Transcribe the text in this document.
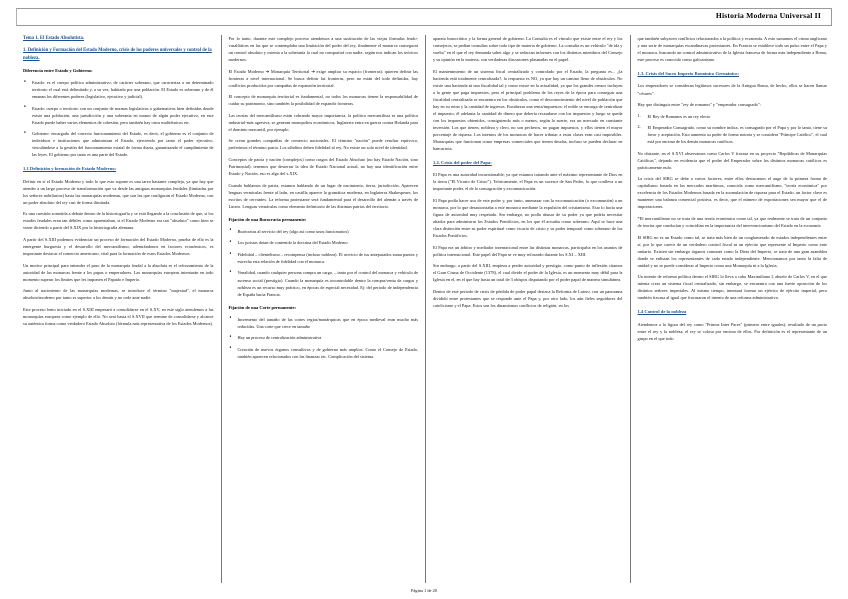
Historia Moderna Universal II
Tema 1. El Estado Absolutista.
1. Definición y Formación del Estado Moderno, crisis de los poderes universales y control de la nobleza.
Diferencia entre Estado y Gobierno:
● Estado: es el cuerpo político administrativo, de carácter soberano, que caracteriza a un determinado territorio el cual está delimitado y, a su vez, habitado por una población. El Estado es soberano y de él emanan los diferentes poderes (legislativo, ejecutivo y judicial).
● Estado: cuerpo o territorio con un conjunto de normas legislativas o gubernativas bien definidas donde existe una población, una jurisdicción y una soberanía en manos de algún poder ejecutivo, en este Estado puede haber varios elementos de cohesión, pero también hay otros multiétnicos etc.
● Gobierno: encargado del correcto funcionamiento del Estado, es decir, el gobierno es el conjunto de individuos e instituciones que administran el Estado, ejerciendo por tanto el poder ejecutivo, vinculándose a la gestión del funcionamiento estatal de forma diaria, garantizando el cumplimiento de las leyes. El gobierno por tanto es una parte del Estado.
1.1 Definición y formación de Estado Moderno:

Definir en sí el Estado Moderno y todo lo que esto supone es una tarea bastante compleja, ya que hay que atender a un largo proceso de transformación que va desde las antiguas monarquías feudales (limitadas por los señores nobiliarios) hasta las monarquías modernas, que son las que configuran el Estado Moderno, con un poder absoluto del rey casi de forma ilimitada.

Es una cuestión sometida a debate dentro de la historiografía y se está llegando a la conclusión de que, si los estados feudales eran tan débiles como aparentaban, si el Estado Moderno era tan "absoluto" como bien se viene diciendo a partir del S.XIX por la historiografía alemana.

A partir del S.XIII podemos evidenciar un proceso de formación del Estado Moderno, prueba de ello es la emergente burguesía y el desarrollo del mercantilismo, adentrándonos en factores económicos, es importante destacar el comercio americano, vital para la formación de estos Estados Modernos.

Un motivo principal para entender el paso de la monarquía feudal a la absoluta es el reforzamiento de la autoridad de las monarcas frente a los papas o emperadores. Las monarquías europeas intentarán en todo momento superar los límites que les imponen el Papado e Imperio.

Junto al nacimiento de las monarquías modernas, se introduce el término "majestad", el monarca absoluto/moderno por tanto es superior a los demás y no cede ante nadie.

Este proceso lento iniciado en el S.XIII empezará a consolidarse en el S.XV, en este siglo atendemos a las monarquías europeas como ejemplo de ello. No será hasta el S.XVII que termine de consolidarse y alcance su auténtica forma como verdadero Estado Absoluto (fórmula más representativa de los Estados Modernos).

Por lo tanto, durante este complejo proceso atendemos a una sustitución de las viejas fórmulas feudo-vasalláticas en las que se contemplaba una limitación del poder del rey, finalmente el monarca conseguirá un control absoluto y ostenta a la soberanía la cual no compartirá con nadie, según nos indican los teóricos modernos.

El Estado Moderno ➔ Monarquía Territorial ➔ exige ampliar su espacio (fronteras): quieren definir las fronteras a nivel internacional. Se busca definir las fronteras, pero no están del todo definidas, hay conflictos producidos por campañas de expansión territorial.

El concepto de monarquía territorial es fundamental, no todos los monarcas tienen la responsabilidad de cuidar su patrimonio, sino también la posibilidad de expandir fronteras.

Las teorías del mercantilismo están cobrando mayor importancia, la política mercantilista es una política industrial-más agresiva, se generan monopolios económicos, Inglaterra entra en guerra contra Holanda para el dominio mercantil, por ejemplo.

Se crean grandes compañías de comercio nacionales. El término "nación" puede resultar equívoco, preferimos el término patria. Los súbditos deben fidelidad al rey. No existe un solo nivel de identidad.

Conceptos de patria y nación (complejos) como rasgos del Estado Absoluto (no hay Estado Nación, sino Patrimonial): tenemos que desterrar la idea de Estado Nacional actual, no hay una identificación entre Estado y Nación, eso es algo del s.XIX.

Cuando hablamos de patria, estamos hablando de un lugar de nacimiento, tierra, jurisdicción. Aparecen lenguas vernáculas frente al latín, en castilla aparece la gramática moderna, en Inglaterra Shakespeare, los escritos de cervantes. La reforma protestante será fundamental para el desarrollo del alemán a través de Lutero. Lenguas vernáculas como elemento definitorio de las distintas patrias del territorio.

Fijación de una Burocracia permanente:
● Burócratas al servicio del rey (algo así como unos funcionarios)
● Los juristas dotan de contenido la doctrina del Estado Moderno
● Fidelidad – clientelismo – recompensa (incluso nobleza). El servicio de tus antepasados suma puntos y estrecha esta relación de fidelidad con el monarca.
● Venalidad, cuando cualquier persona compra un cargo, – tanto por el control del monarca y vehículo de ascenso social (prestigio). Cuando la monarquía es incontrolable dentro la compra/venta de cargos y nobleza es un recurso muy práctico, en épocas de especial necesidad. Ej: del periodo de independencia de España hacia Francia.
Fijación de una Corte permanente:
● Incremento del tamaño de las cortes regias/monárquicas que en época medieval eran mucho más reducidas. Una corte que crece en tamaño
● Hay un proceso de centralización administrativa
● Creación de nuevos órganos consultivos y de gobierno más amplios. Como el Consejo de Estado, también aparecen relacionados con las finanzas etc. Complicación del sistema.

aparato burocrático y la forma general de gobierno. La Consulta es el vínculo que existe entre el rey y los consejeros, se pedían consultas sobre todo tipo de materia de gobierno. La consulta es un vehículo "de ida y vuelta" en el que el rey demanda saber algo y se redactan informes con los distintos miembros del Consejo y su opinión en la materia, con verdaderas discusiones plasmadas en el papel.

El mantenimiento de un sistema fiscal centralizado y controlado por el Estado, la pregunta es... ¿la hacienda está totalmente centralizada?, la respuesta es NO, ya que hay un camino lleno de obstáculos. No existe una hacienda ni una fiscalidad tal y como existe en la actualidad, ya que los grandes censos incluyen a la gente que paga impuestos, pero el principal problema de los reyes de la época para conseguir una fiscalidad centralizada se encuentra en los obstáculos, como el desconocimiento del nivel de población que hay en su reino y la cantidad de ingresos. Encabezar una renta/impuestos: el noble se encarga de centralizar el impuesto, él adelanta la cantidad de dinero que debería recaudarse con los impuestos y luego se queda con los impuestos obtenidos, consiguiendo más o menos, según la suerte, era un mercado en constante inversión. Los que tienen, nobleza y clero, no son pecheros, no pagan impuestos, y ellos tienen el mayor porcentaje de riqueza. Los intentos de los monarcas de hacer tributar a estas clases eran casi imposibles. Monarquías que funcionan como empresas comerciales que tienen deudas, incluso se pueden declarar en bancarrota.

1.2. Crisis del poder del Papa:

El Papa es una autoridad incuestionable, ya que estamos tratando ante el máximo representante de Dios en la tierra ("El Vicario de Cristo"). Teóricamente, el Papa es un sucesor de San Pedro, lo que conlleva a un importante poder, el de la consagración y excomunicación.

El Papa podía hacer uso de este poder y, por tanto, amenazar con la excomunicación (o excomunión) a un monarca, por lo que desautorizaba a este monarca mediante la expulsión del cristianismo. Esto lo hacía una figura de autoridad muy respetada. Sin embargo, no podía abusar de su poder ya que podría necesitar aliados para administrar los Estados Pontificios, en los que él actuaba como soberano. Aquí se hace una clara distinción entre su poder espiritual como vicario de cristo y su poder temporal como soberano de los Estados Pontificios.

El Papa era un árbitro y mediador internacional entre las distintas monarcas, participaba en los asuntos de política internacional. Este papel del Papa se ve muy reforzado durante los S.XI – XIII.

Sin embargo, a partir del S.XIII, empieza a perder autoridad y prestigio, como punto de inflexión citamos el Gran Cisma de Occidente (1378), el cual divide el poder de la Iglesia, es un momento muy débil para la Iglesia en el, en el que hay hasta un total de 3 obispos disputando por el poder papal de manera simultánea.

Dentro de este periodo de crisis de pérdida de poder papal destaca la Reforma de Lutero, con un panorama dividido entre protestantes que se responde ante el Papa y, por otro lado, los aún fieles seguidores del catolicismo y el Papa. Estos son los dinamismos conflictos de religión, en los

que también subyacen conflictos relacionados a la política y economía. A esto sumamos el cisma anglicano y una serie de monarquías escandinavas protestantes. En Francia se establece todo un pulso entre el Papa y el monarca, buscando un control administrativo de la Iglesia francesa de forma más independiente a Roma, este proceso es conocido como galicanismo.

1.3. Crisis del Sacro Imperio Románico Germánico:

Los emperadores se consideran legítimos sucesores de la Antigua Roma, de hecho, ellos se hacen llamar "césares".

Hay que distinguir entre "rey de romanos" y "emperador consagrado":

El Rey de Romanos es un rey electo
El Emperador Consagrado, como su nombre indica, es consagrado por el Papa y por lo tanto, tiene su favor y aceptación. Esto aumenta su poder de forma notoria y se considera "Príncipe Católico", el cual está por encima de los demás monarcas católicos.

No obstante, en el S.XVI observamos como Carlos V fracasa en su proyecto "Repúblicas de Monarquías Católicas", dejando en evidencia que el poder del Emperador sobre los distintos monarcas católicos es prácticamente nulo.

La crisis del SIRG se debe a varios factores, entre ellos destacamos el auge de la primera forma de capitalismo basada en los mercados marítimos, conocida como mercantilismo, "teoría económica" por excelencia de los Estados Modernos basada en la acumulación de riqueza para el Estado, un factor clave es mantener una balanza comercial positiva, es decir, que el número de exportaciones sea mayor que el de importaciones.

*El mercantilismo no se trata de una teoría económica como tal, ya que realmente se trata de un conjunto de teorías que conducían y coincidían en la importancia del intervencionismo del Estado en la economía

El SIRG no es un Estado como tal, se trata más bien de un conglomerado de estados independientes entre sí, por lo que carece de un verdadero control fiscal ni un ejército que represente al Imperio como ente unitario. Existen sin embargo órganos comunes como la Dieta del Imperio, se trata de una gran asamblea donde se enlistan los representantes de cada estado independiente. Mencionamos por tanto la falta de unidad y no se puede considerar al Imperio como una Monarquía ni a la Iglesia.

Un intento de reforma política dentro el SIRG lo lleva a cabo Maximiliano I, abuelo de Carlos V, en el que intenta crear un sistema fiscal centralizado, sin embargo, se encuentra con una fuerte oposición de los distintos señores imperiales. Al mismo tiempo, intentará formar un ejército de ejército imperial, pero también fracasa al igual que fracasaron el intento de una reforma administrativa.

1.4 Control de la nobleza

Atendemos a la figura del rey como "Primus Inter Pares" (primero entre iguales), resultado de un pacto entre el rey y la nobleza, el rey se colosa por encima de ellos. Por definición es el representante de un grupo en el que todo

Página 1 de 20
